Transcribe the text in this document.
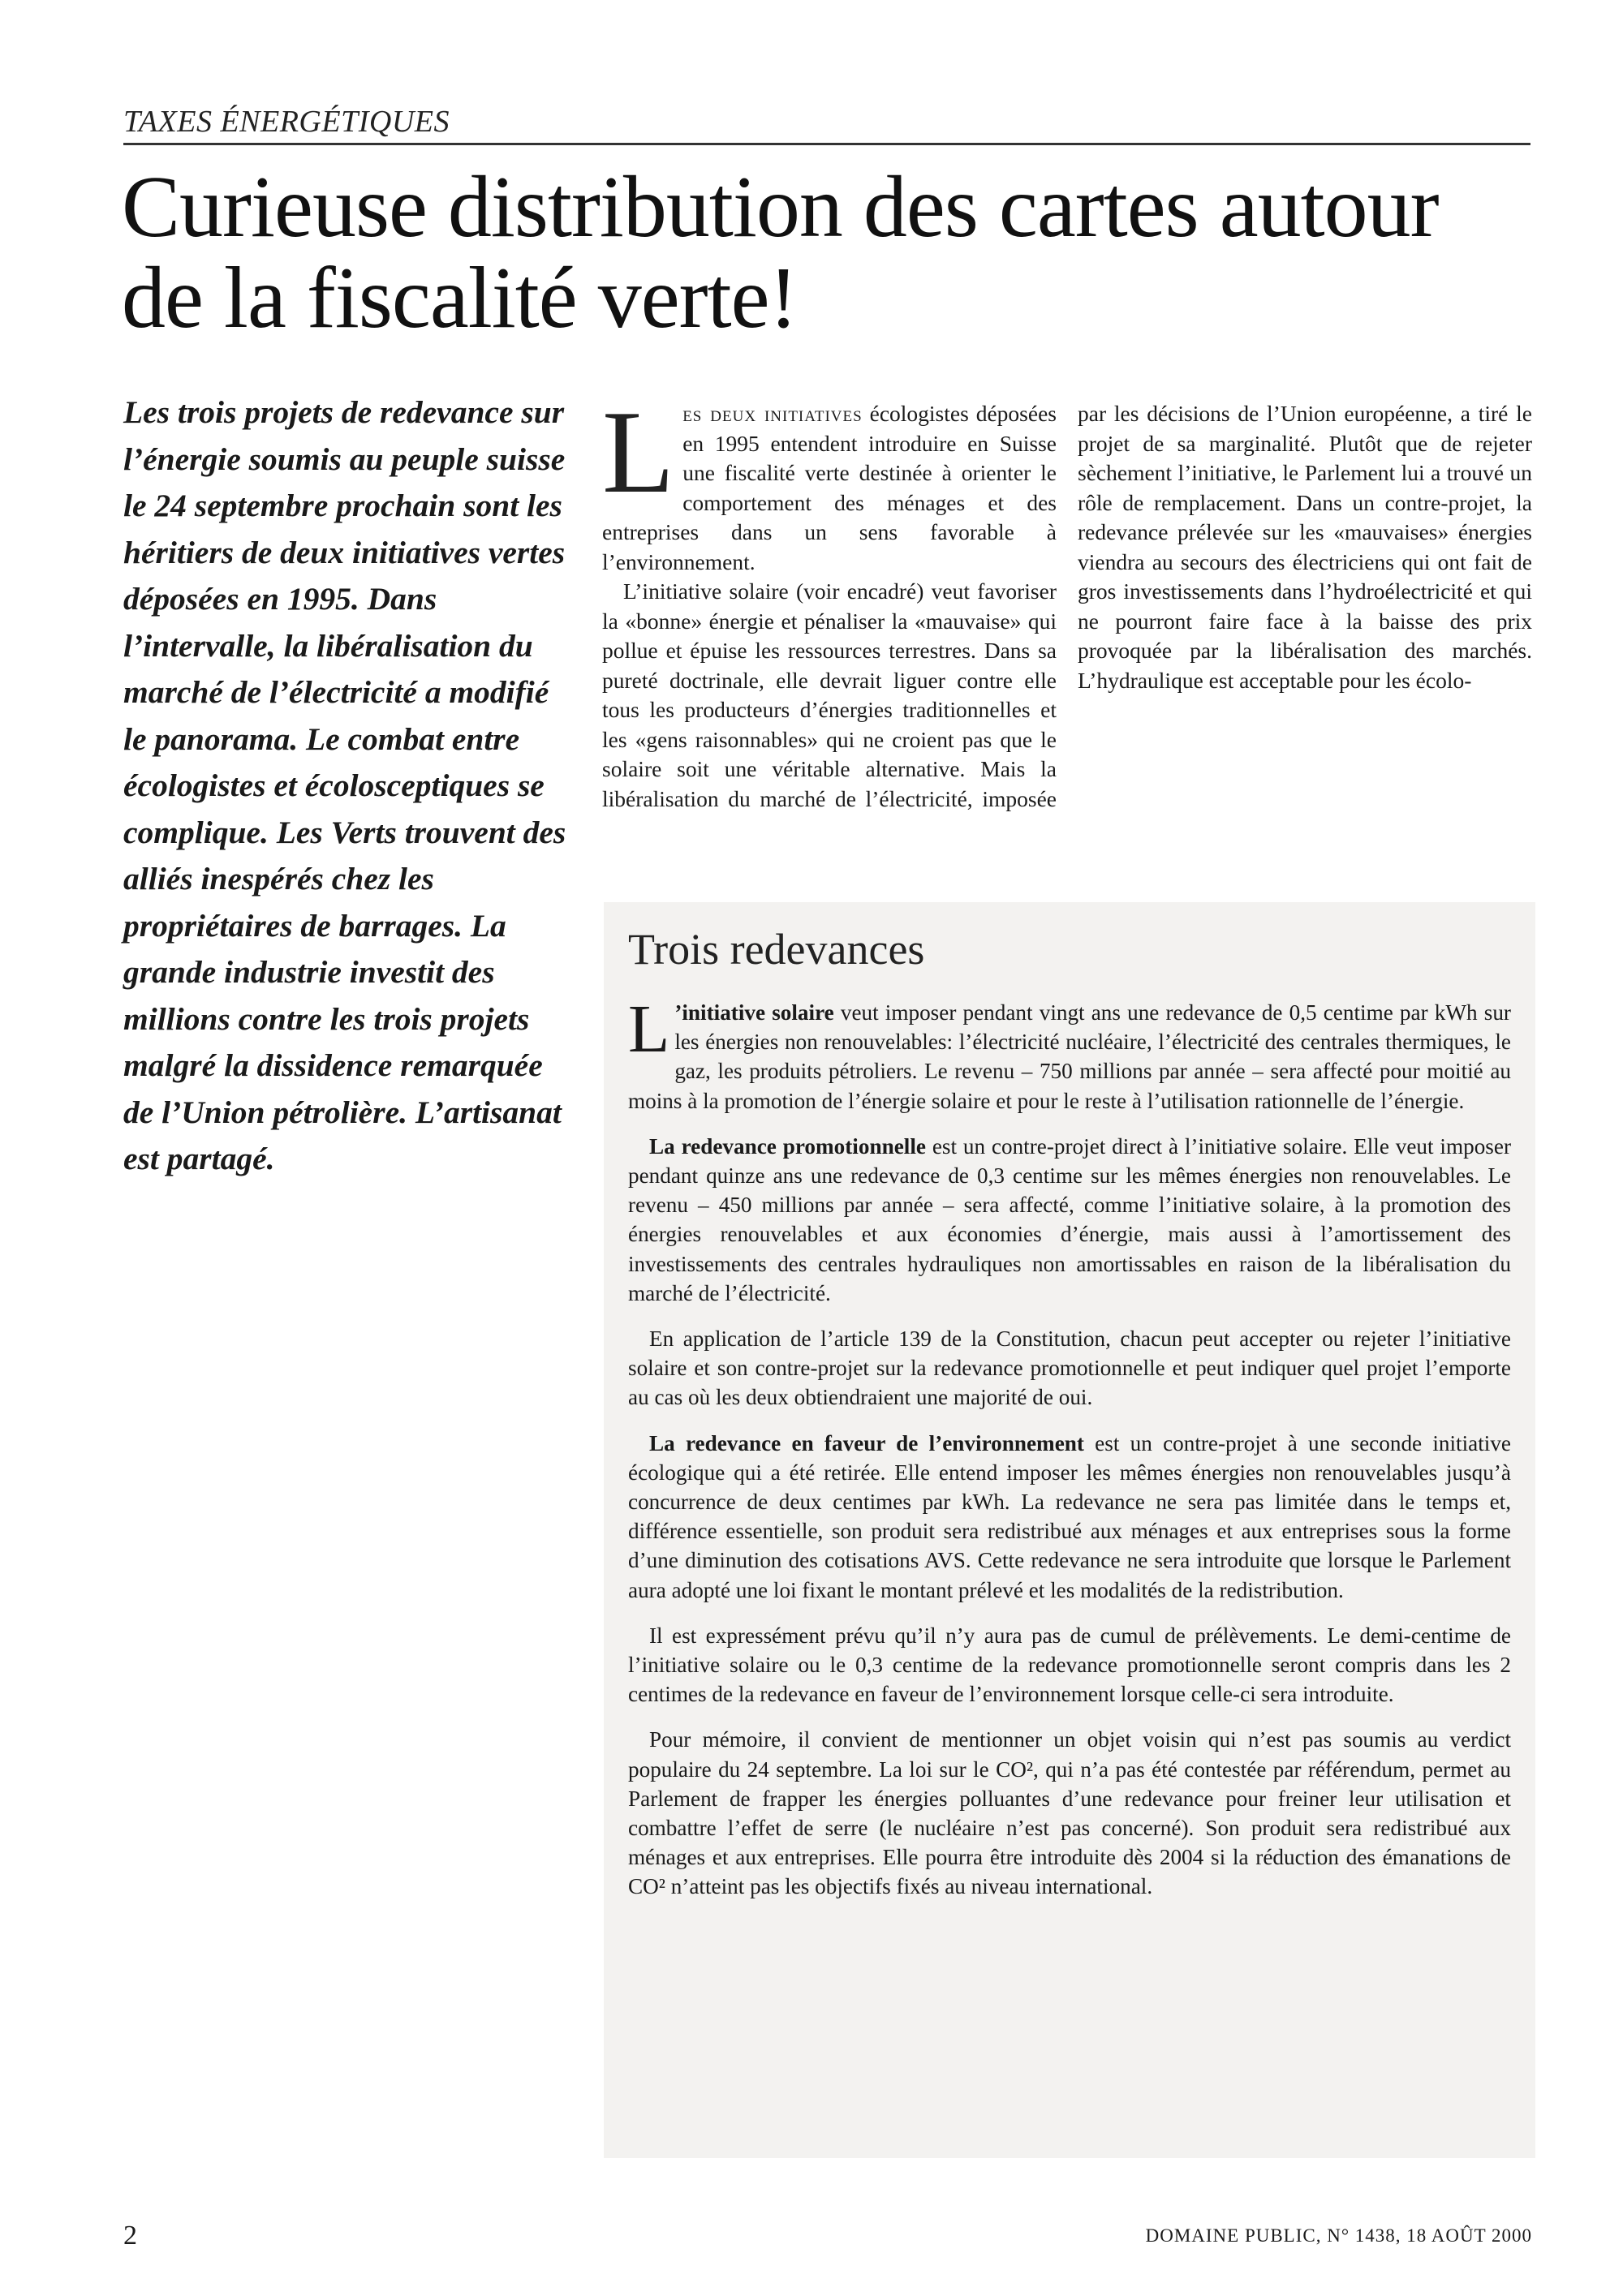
TAXES ÉNERGÉTIQUES
Curieuse distribution des cartes autour de la fiscalité verte!

Les trois projets de redevance sur l’énergie soumis au peuple suisse le 24 septembre prochain sont les héritiers de deux initiatives vertes déposées en 1995. Dans l’intervalle, la libéralisation du marché de l’électricité a modifié le panorama. Le combat entre écologistes et écolosceptiques se complique. Les Verts trouvent des alliés inespérés chez les propriétaires de barrages. La grande industrie investit des millions contre les trois projets malgré la dissidence remarquée de l’Union pétrolière. L’artisanat est partagé.

Les deux initiatives écologistes déposées en 1995 entendent introduire en Suisse une fiscalité verte destinée à orienter le comportement des ménages et des entreprises dans un sens favorable à l’environnement.

L’initiative solaire (voir encadré) veut favoriser la «bonne» énergie et pénaliser la «mauvaise» qui pollue et épuise les ressources terrestres. Dans sa pureté doctrinale, elle devrait liguer contre elle tous les producteurs d’énergies traditionnelles et les «gens raisonnables» qui ne croient pas que le solaire soit une véritable alternative. Mais la libéralisation du marché de l’électricité, imposée par les décisions de l’Union européenne, a tiré le projet de sa marginalité. Plutôt que de rejeter sèchement l’initiative, le Parlement lui a trouvé un rôle de remplacement. Dans un contre-projet, la redevance prélevée sur les «mauvaises» énergies viendra au secours des électriciens qui ont fait de gros investissements dans l’hydroélectricité et qui ne pourront faire face à la baisse des prix provoquée par la libéralisation des marchés. L’hydraulique est acceptable pour les écolo-

Trois redevances

L ’initiative solaire veut imposer pendant vingt ans une redevance de 0,5 centime par kWh sur les énergies non renouvelables: l’électricité nucléaire, l’électricité des centrales thermiques, le gaz, les produits pétroliers. Le revenu – 750 millions par année – sera affecté pour moitié au moins à la promotion de l’énergie solaire et pour le reste à l’utilisation rationnelle de l’énergie.

La redevance promotionnelle est un contre-projet direct à l’initiative solaire. Elle veut imposer pendant quinze ans une redevance de 0,3 centime sur les mêmes énergies non renouvelables. Le revenu – 450 millions par année – sera affecté, comme l’initiative solaire, à la promotion des énergies renouvelables et aux économies d’énergie, mais aussi à l’amortissement des investissements des centrales hydrauliques non amortissables en raison de la libéralisation du marché de l’électricité.

En application de l’article 139 de la Constitution, chacun peut accepter ou rejeter l’initiative solaire et son contre-projet sur la redevance promotionnelle et peut indiquer quel projet l’emporte au cas où les deux obtiendraient une majorité de oui.

La redevance en faveur de l’environnement est un contre-projet à une seconde initiative écologique qui a été retirée. Elle entend imposer les mêmes énergies non renouvelables jusqu’à concurrence de deux centimes par kWh. La redevance ne sera pas limitée dans le temps et, différence essentielle, son produit sera redistribué aux ménages et aux entreprises sous la forme d’une diminution des cotisations AVS. Cette redevance ne sera introduite que lorsque le Parlement aura adopté une loi fixant le montant prélevé et les modalités de la redistribution.

Il est expressément prévu qu’il n’y aura pas de cumul de prélèvements. Le demi-centime de l’initiative solaire ou le 0,3 centime de la redevance promotionnelle seront compris dans les 2 centimes de la redevance en faveur de l’environnement lorsque celle-ci sera introduite.

Pour mémoire, il convient de mentionner un objet voisin qui n’est pas soumis au verdict populaire du 24 septembre. La loi sur le CO², qui n’a pas été contestée par référendum, permet au Parlement de frapper les énergies polluantes d’une redevance pour freiner leur utilisation et combattre l’effet de serre (le nucléaire n’est pas concerné). Son produit sera redistribué aux ménages et aux entreprises. Elle pourra être introduite dès 2004 si la réduction des émanations de CO² n’atteint pas les objectifs fixés au niveau international.

2	DOMAINE PUBLIC, N° 1438, 18 AOÛT 2000
